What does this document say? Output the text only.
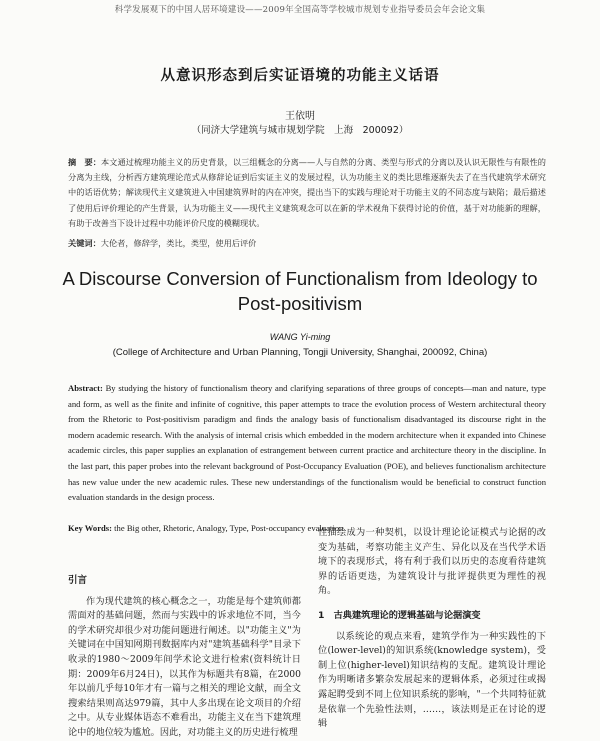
科学发展观下的中国人居环境建设——2009年全国高等学校城市规划专业指导委员会年会论文集
从意识形态到后实证语境的功能主义话语
王依明
（同济大学建筑与城市规划学院　上海　200092）
摘　要：本文通过梳理功能主义的历史背景，以三组概念的分离——人与自然的分离、类型与形式的分离以及认识无限性与有限性的分离为主线，分析西方建筑理论范式从修辞论证到后实证主义的发展过程，认为功能主义的类比思维逐渐失去了在当代建筑学术研究中的话语优势；解读现代主义建筑进入中国建筑界时的内在冲突，提出当下的实践与理论对于功能主义的不同态度与缺陷；最后描述了使用后评价理论的产生背景，认为功能主义——现代主义建筑观念可以在新的学术视角下获得讨论的价值，基于对功能新的理解，有助于改善当下设计过程中功能评价尺度的模糊现状。
关键词：大伦者，修辞学，类比，类型，使用后评价
A Discourse Conversion of Functionalism from Ideology to Post-positivism
WANG Yi-ming
(College of Architecture and Urban Planning, Tongji University, Shanghai, 200092, China)
Abstract: By studying the history of functionalism theory and clarifying separations of three groups of concepts—man and nature, type and form, as well as the finite and infinite of cognitive, this paper attempts to trace the evolution process of Western architectural theory from the Rhetoric to Post-positivism paradigm and finds the analogy basis of functionalism disadvantaged its discourse right in the modern academic research. With the analysis of internal crisis which embedded in the modern architecture when it expanded into Chinese academic circles, this paper supplies an explanation of estrangement between current practice and architecture theory in the discipline. In the last part, this paper probes into the relevant background of Post-Occupancy Evaluation (POE), and believes functionalism architecture has new value under the new academic rules. These new understandings of the functionalism would be beneficial to construct function evaluation standards in the design process.
Key Words: the Big other, Rhetoric, Analogy, Type, Post-occupancy evaluation
引言

作为现代建筑的核心概念之一，功能是每个建筑师都需面对的基础问题，然而与实践中的诉求地位不同，当今的学术研究却很少对功能问题进行阐述。以"功能主义"为关键词在中国知网期刊数据库内对"建筑基础科学"目录下收录的1980～2009年间学术论文进行检索(资料统计日期：2009年6月24日)，以其作为标题共有8篇，在2000年以前几乎每10年才有一篇与之相关的理论文献，而全文搜索结果则高达979篇，其中人多出现在论文项目的介绍之中。从专业媒体语态不难看出，功能主义在当下建筑理论中的地位较为尴尬。因此，对功能主义的历史进行梳理

性描绘成为一种契机，以设计理论论证模式与论据的改变为基础，考察功能主义产生、异化以及在当代学术语境下的表现形式，将有利于我们以历史的态度看待建筑界的话语更迭，为建筑设计与批评提供更为理性的视角。

1　古典建筑理论的逻辑基础与论据演变

以系统论的观点来看，建筑学作为一种实践性的下位(lower-level)的知识系统(knowledge system)，受制上位(higher-level)知识结构的支配。建筑设计理论作为明晰诸多繁杂发展起来的逻辑体系，必须过往或揭露起聘受到不同上位知识系统的影响，"一个共同特征就是依靠一个先验性法则，……，该法则是正在讨论的逻辑
